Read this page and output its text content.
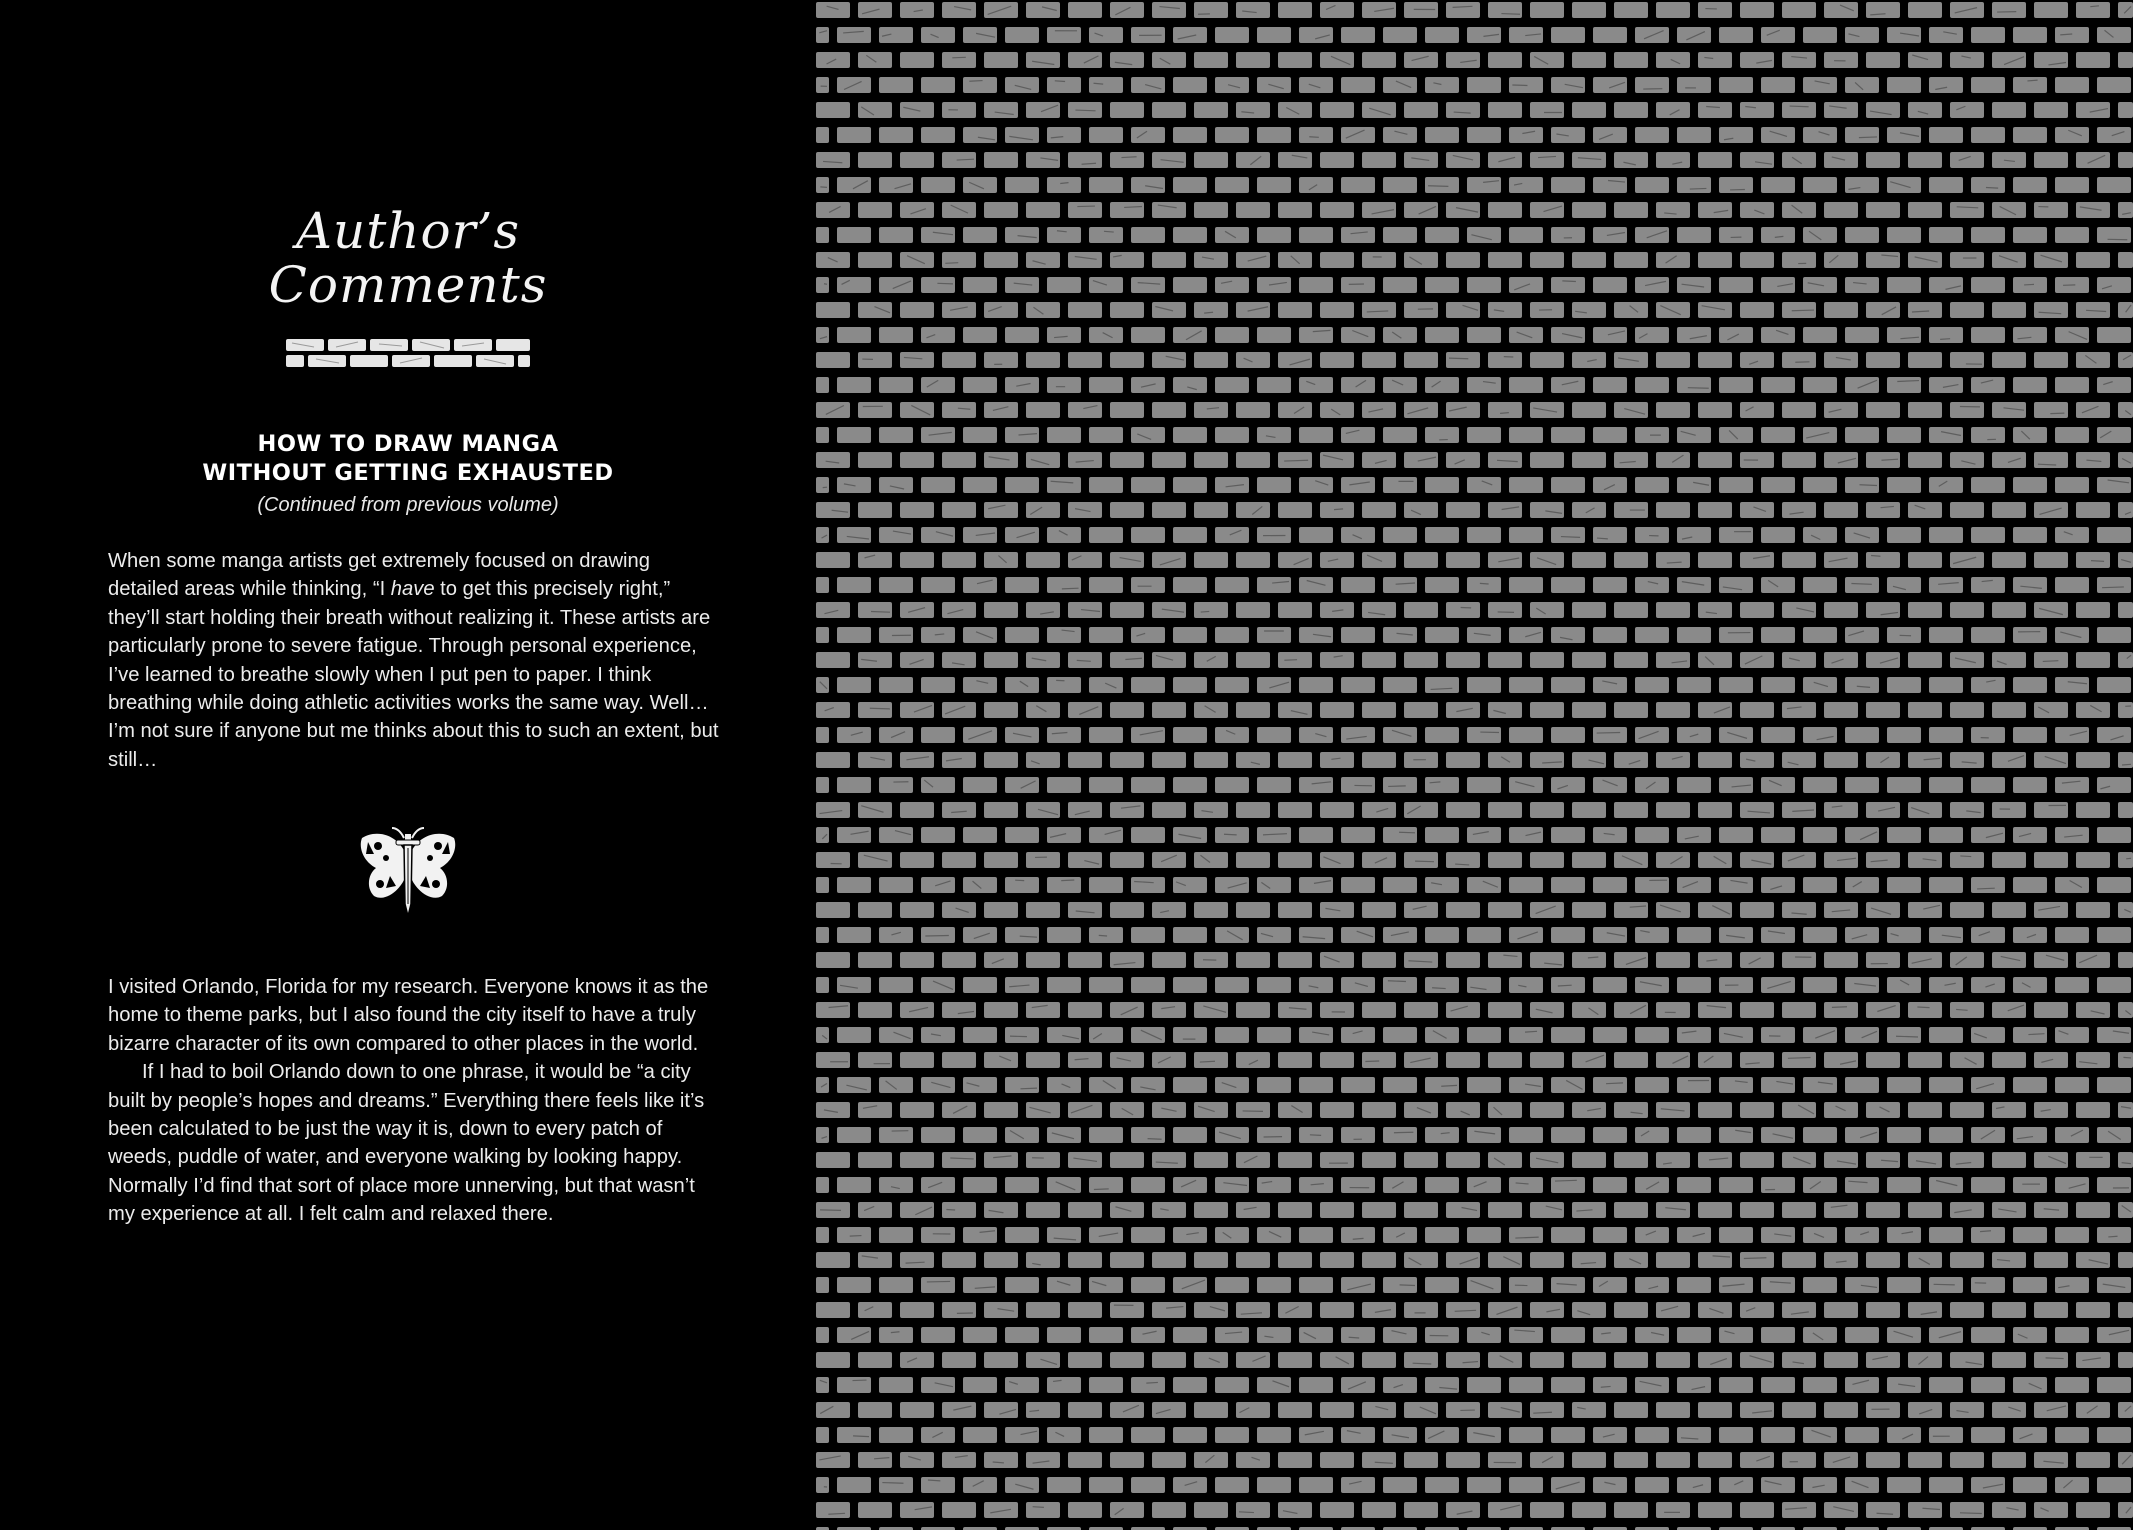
Author’s
Comments
HOW TO DRAW MANGA
WITHOUT GETTING EXHAUSTED
(Continued from previous volume)

When some manga artists get extremely focused on drawing detailed areas while thinking, “I have to get this precisely right,” they’ll start holding their breath without realizing it. These artists are particularly prone to severe fatigue. Through personal experience, I’ve learned to breathe slowly when I put pen to paper. I think breathing while doing athletic activities works the same way. Well…I’m not sure if anyone but me thinks about this to such an extent, but still…

I visited Orlando, Florida for my research. Everyone knows it as the home to theme parks, but I also found the city itself to have a truly bizarre character of its own compared to other places in the world.

If I had to boil Orlando down to one phrase, it would be “a city built by people’s hopes and dreams.” Everything there feels like it’s been calculated to be just the way it is, down to every patch of weeds, puddle of water, and everyone walking by looking happy. Normally I’d find that sort of place more unnerving, but that wasn’t my experience at all. I felt calm and relaxed there.
